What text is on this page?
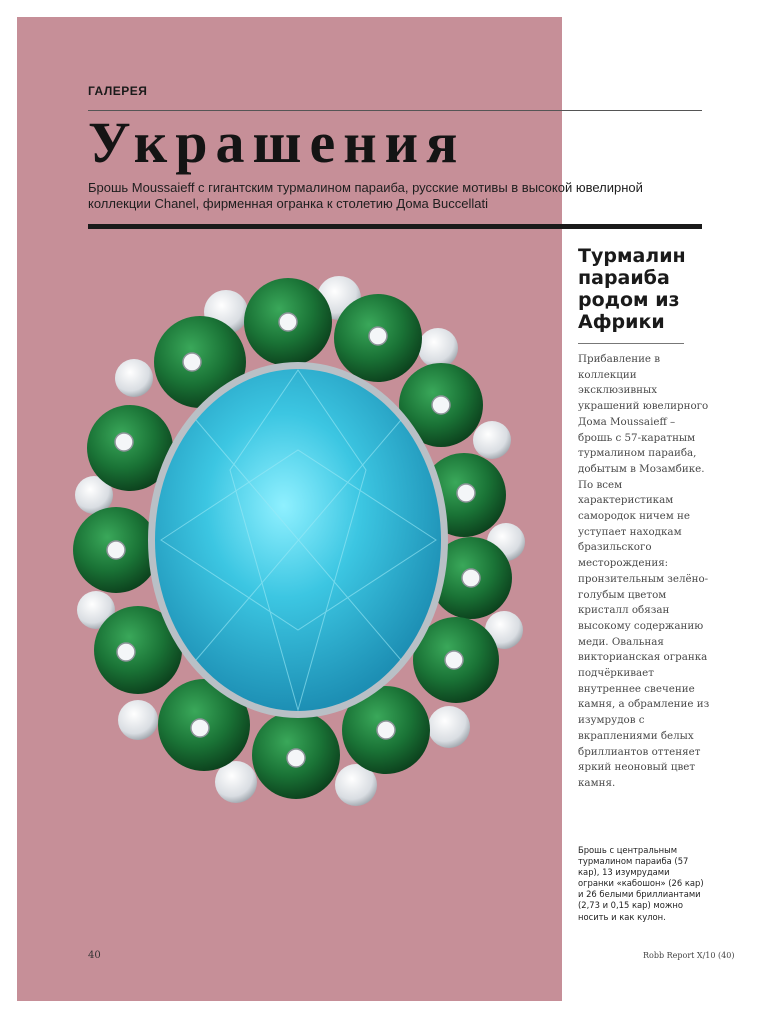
ГАЛЕРЕЯ
Украшения
Брошь Moussaieff с гигантским турмалином параиба, русские мотивы в высокой ювелирной коллекции Chanel, фирменная огранка к столетию Дома Buccellati
Турмалин параиба родом из Африки
Прибавление в коллекции эксклюзивных украшений ювелирного Дома Moussaieff – брошь с 57-каратным турмалином параиба, добытым в Мозамбике. По всем характеристикам самородок ничем не уступает находкам бразильского месторождения: пронзительным зелёно-голубым цветом кристалл обязан высокому содержанию меди. Овальная викторианская огранка подчёркивает внутреннее свечение камня, а обрамление из изумрудов с вкраплениями белых бриллиантов оттеняет яркий неоновый цвет камня.
Брошь с центральным турмалином параиба (57 кар), 13 изумрудами огранки «кабошон» (26 кар) и 26 белыми бриллиантами (2,73 и 0,15 кар) можно носить и как кулон.
40	Robb Report X/10 (40)
